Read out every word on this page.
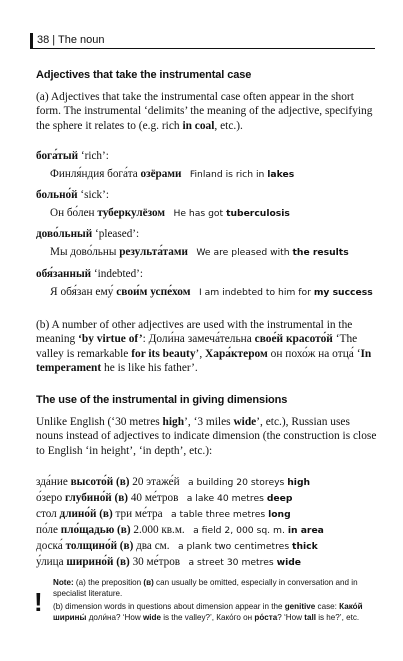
38 | The noun
Adjectives that take the instrumental case
(a) Adjectives that take the instrumental case often appear in the short form. The instrumental ‘delimits’ the meaning of the adjective, specifying the sphere it relates to (e.g. rich in coal, etc.).
бога́тый ‘rich’:
Финля́ндия бога́та озёрами Finland is rich in lakes
больно́й ‘sick’:
Он бо́лен туберкулёзом He has got tuberculosis
дово́льный ‘pleased’:
Мы дово́льны результа́тами We are pleased with the results
обя́занный ‘indebted’:
Я обя́зан ему́ свои́м успе́хом I am indebted to him for my success
(b) A number of other adjectives are used with the instrumental in the meaning ‘by virtue of’: Доли́на замеча́тельна свое́й красото́й ‘The valley is remarkable for its beauty’, Хара́ктером он похо́ж на отца́ ‘In temperament he is like his father’.
The use of the instrumental in giving dimensions
Unlike English (‘30 metres high’, ‘3 miles wide’, etc.), Russian uses nouns instead of adjectives to indicate dimension (the construction is close to English ‘in height’, ‘in depth’, etc.):
зда́ние высото́й (в) 20 этаже́й a building 20 storeys high
о́зеро глубино́й (в) 40 ме́тров a lake 40 metres deep
стол длино́й (в) три ме́тра a table three metres long
по́ле пло́щадью (в) 2.000 кв.м. a field 2, 000 sq. m. in area
доска́ толщино́й (в) два см. a plank two centimetres thick
у́лица ширино́й (в) 30 ме́тров a street 30 metres wide
!
Note: (a) the preposition (в) can usually be omitted, especially in conversation and in specialist literature.
(b) dimension words in questions about dimension appear in the genitive case: Како́й ширины́ доли́на? ‘How wide is the valley?’, Како́го он ро́ста? ‘How tall is he?’, etc.
